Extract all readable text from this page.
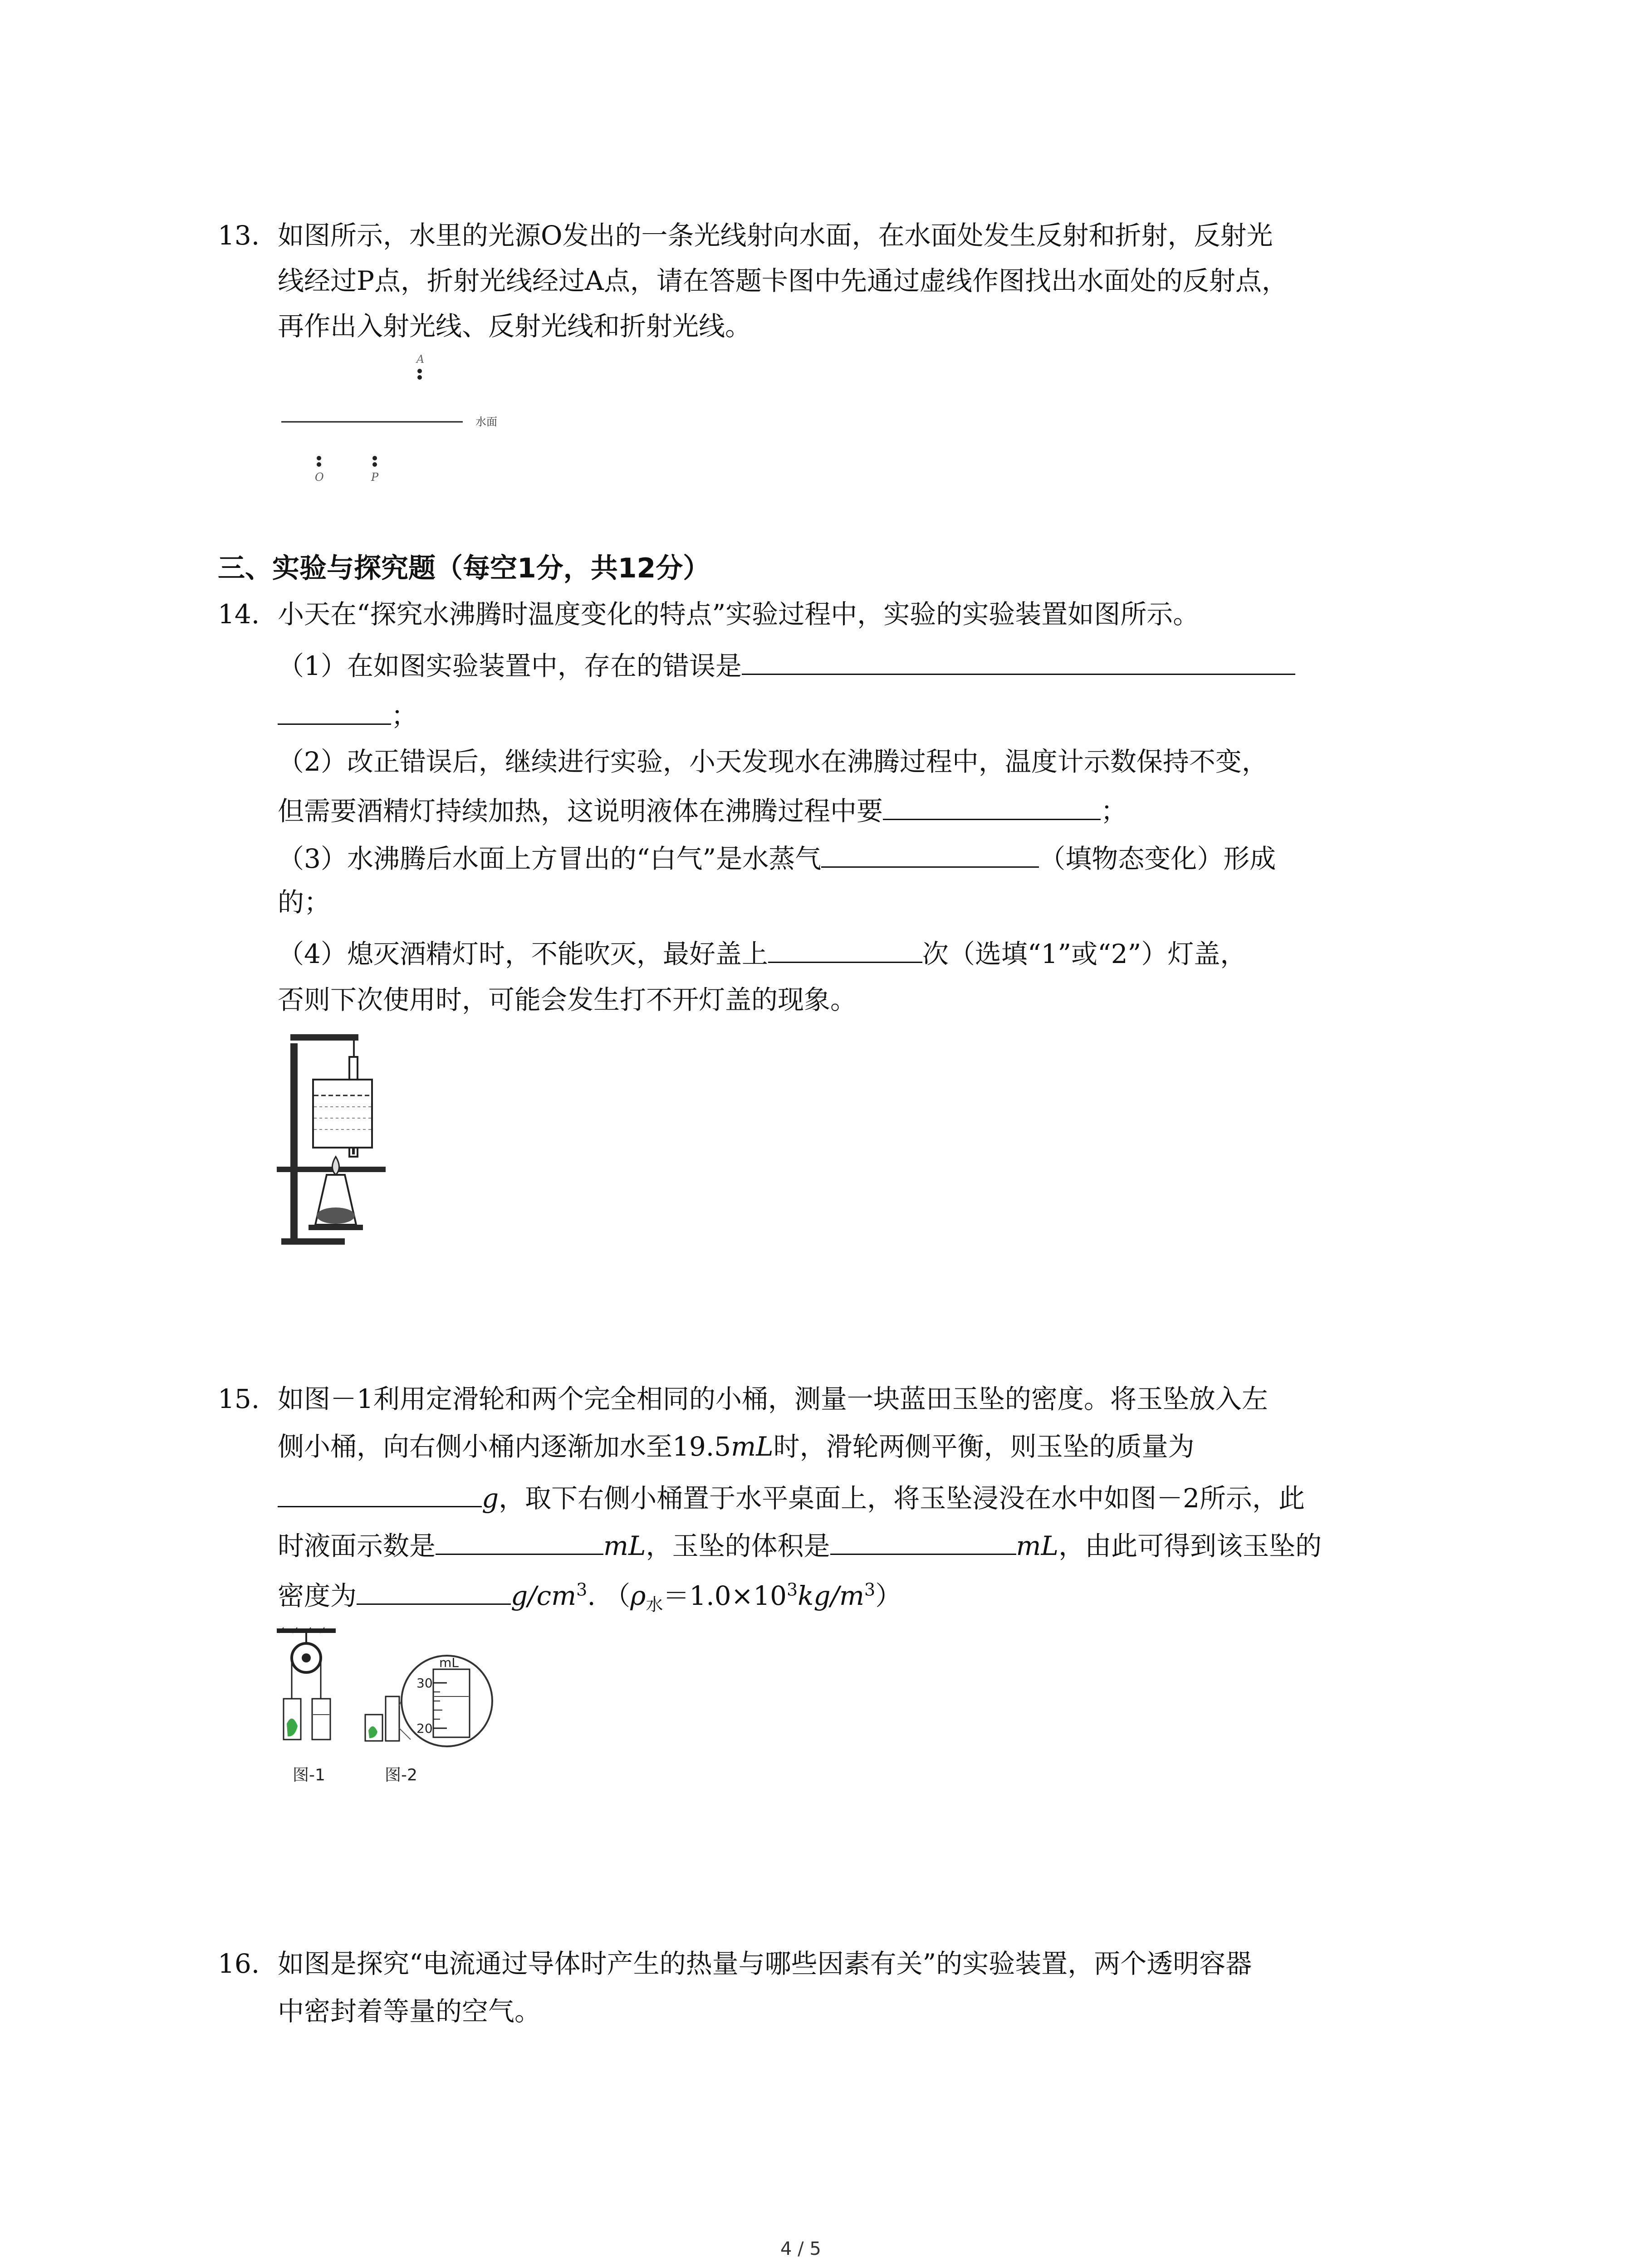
13. 如图所示，水里的光源O发出的一条光线射向水面，在水面处发生反射和折射，反射光
线经过P点，折射光线经过A点，请在答题卡图中先通过虚线作图找出水面处的反射点，
再作出入射光线、反射光线和折射光线。
A
水面
O	P
三、实验与探究题（每空1分，共12分）
14. 小天在“探究水沸腾时温度变化的特点”实验过程中，实验的实验装置如图所示。
（1）在如图实验装置中，存在的错误是
；
（2）改正错误后，继续进行实验，小天发现水在沸腾过程中，温度计示数保持不变，
但需要酒精灯持续加热，这说明液体在沸腾过程中要	；
（3）水沸腾后水面上方冒出的“白气”是水蒸气	（填物态变化）形成
的；
（4）熄灭酒精灯时，不能吹灭，最好盖上	次（选填“1”或“2”）灯盖，
否则下次使用时，可能会发生打不开灯盖的现象。
15. 如图－1利用定滑轮和两个完全相同的小桶，测量一块蓝田玉坠的密度。将玉坠放入左
侧小桶，向右侧小桶内逐渐加水至19.5mL时，滑轮两侧平衡，则玉坠的质量为
g，取下右侧小桶置于水平桌面上，将玉坠浸没在水中如图－2所示，此
时液面示数是	mL，玉坠的体积是	mL，由此可得到该玉坠的
密度为	$g/cm^3$. $(\rho_水=1.0\times 10^3kg/m^3)$
图-1
mL
30
20
图-2
16. 如图是探究“电流通过导体时产生的热量与哪些因素有关”的实验装置，两个透明容器
中密封着等量的空气。
4 / 5
